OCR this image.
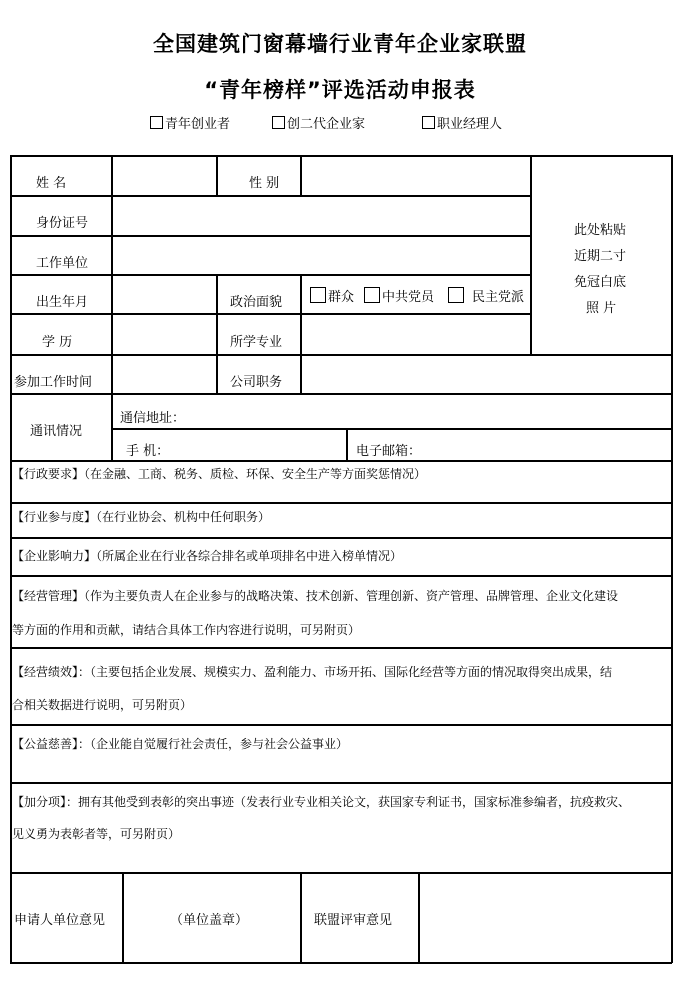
全国建筑门窗幕墙行业青年企业家联盟
“青年榜样”评选活动申报表
青年创业者	创二代企业家	职业经理人
姓 名	性 别
身份证号
工作单位
出生年月	政治面貌	群众	中共党员	民主党派
学 历	所学专业
此处粘贴
近期二寸
免冠白底
照 片
参加工作时间	公司职务
通讯情况
通信地址：
手 机：	电子邮箱：
【行政要求】（在金融、工商、税务、质检、环保、安全生产等方面奖惩情况）
【行业参与度】（在行业协会、机构中任何职务）
【企业影响力】（所属企业在行业各综合排名或单项排名中进入榜单情况）
【经营管理】（作为主要负责人在企业参与的战略决策、技术创新、管理创新、资产管理、品牌管理、企业文化建设
等方面的作用和贡献，请结合具体工作内容进行说明，可另附页）
【经营绩效】：（主要包括企业发展、规模实力、盈利能力、市场开拓、国际化经营等方面的情况取得突出成果，结
合相关数据进行说明，可另附页）
【公益慈善】：（企业能自觉履行社会责任，参与社会公益事业）
【加分项】：拥有其他受到表彰的突出事迹（发表行业专业相关论文，获国家专利证书，国家标准参编者，抗疫救灾、
见义勇为表彰者等，可另附页）
申请人单位意见	（单位盖章）	联盟评审意见
